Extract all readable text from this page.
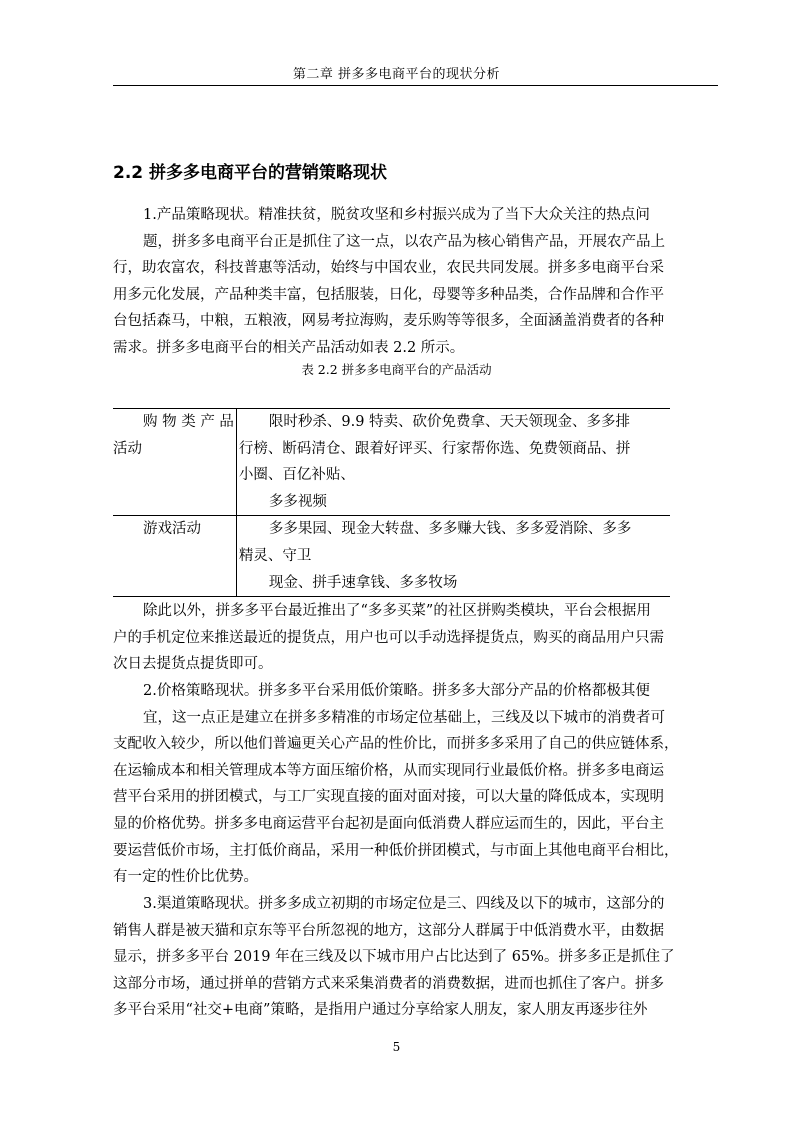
第二章 拼多多电商平台的现状分析
2.2 拼多多电商平台的营销策略现状
1.产品策略现状。精准扶贫，脱贫攻坚和乡村振兴成为了当下大众关注的热点问
题，拼多多电商平台正是抓住了这一点，以农产品为核心销售产品，开展农产品上
行，助农富农，科技普惠等活动，始终与中国农业，农民共同发展。拼多多电商平台采
用多元化发展，产品种类丰富，包括服装，日化，母婴等多种品类，合作品牌和合作平
台包括森马，中粮，五粮液，网易考拉海购，麦乐购等等很多，全面涵盖消费者的各种
需求。拼多多电商平台的相关产品活动如表 2.2 所示。
表 2.2 拼多多电商平台的产品活动
购 物 类 产 品
活动	限时秒杀、9.9 特卖、砍价免费拿、天天领现金、多多排
行榜、断码清仓、跟着好评买、行家帮你选、免费领商品、拼
小圈、百亿补贴、
多多视频

游戏活动	多多果园、现金大转盘、多多赚大钱、多多爱消除、多多
精灵、守卫
现金、拼手速拿钱、多多牧场
除此以外，拼多多平台最近推出了“多多买菜”的社区拼购类模块，平台会根据用
户的手机定位来推送最近的提货点，用户也可以手动选择提货点，购买的商品用户只需
次日去提货点提货即可。
2.价格策略现状。拼多多平台采用低价策略。拼多多大部分产品的价格都极其便
宜，这一点正是建立在拼多多精准的市场定位基础上，三线及以下城市的消费者可
支配收入较少，所以他们普遍更关心产品的性价比，而拼多多采用了自己的供应链体系，
在运输成本和相关管理成本等方面压缩价格，从而实现同行业最低价格。拼多多电商运
营平台采用的拼团模式，与工厂实现直接的面对面对接，可以大量的降低成本，实现明
显的价格优势。拼多多电商运营平台起初是面向低消费人群应运而生的，因此，平台主
要运营低价市场，主打低价商品，采用一种低价拼团模式，与市面上其他电商平台相比，
有一定的性价比优势。
3.渠道策略现状。拼多多成立初期的市场定位是三、四线及以下的城市，这部分的
销售人群是被天猫和京东等平台所忽视的地方，这部分人群属于中低消费水平，由数据
显示，拼多多平台 2019 年在三线及以下城市用户占比达到了 65%。拼多多正是抓住了
这部分市场，通过拼单的营销方式来采集消费者的消费数据，进而也抓住了客户。拼多
多平台采用“社交+电商”策略，是指用户通过分享给家人朋友，家人朋友再逐步往外
5
